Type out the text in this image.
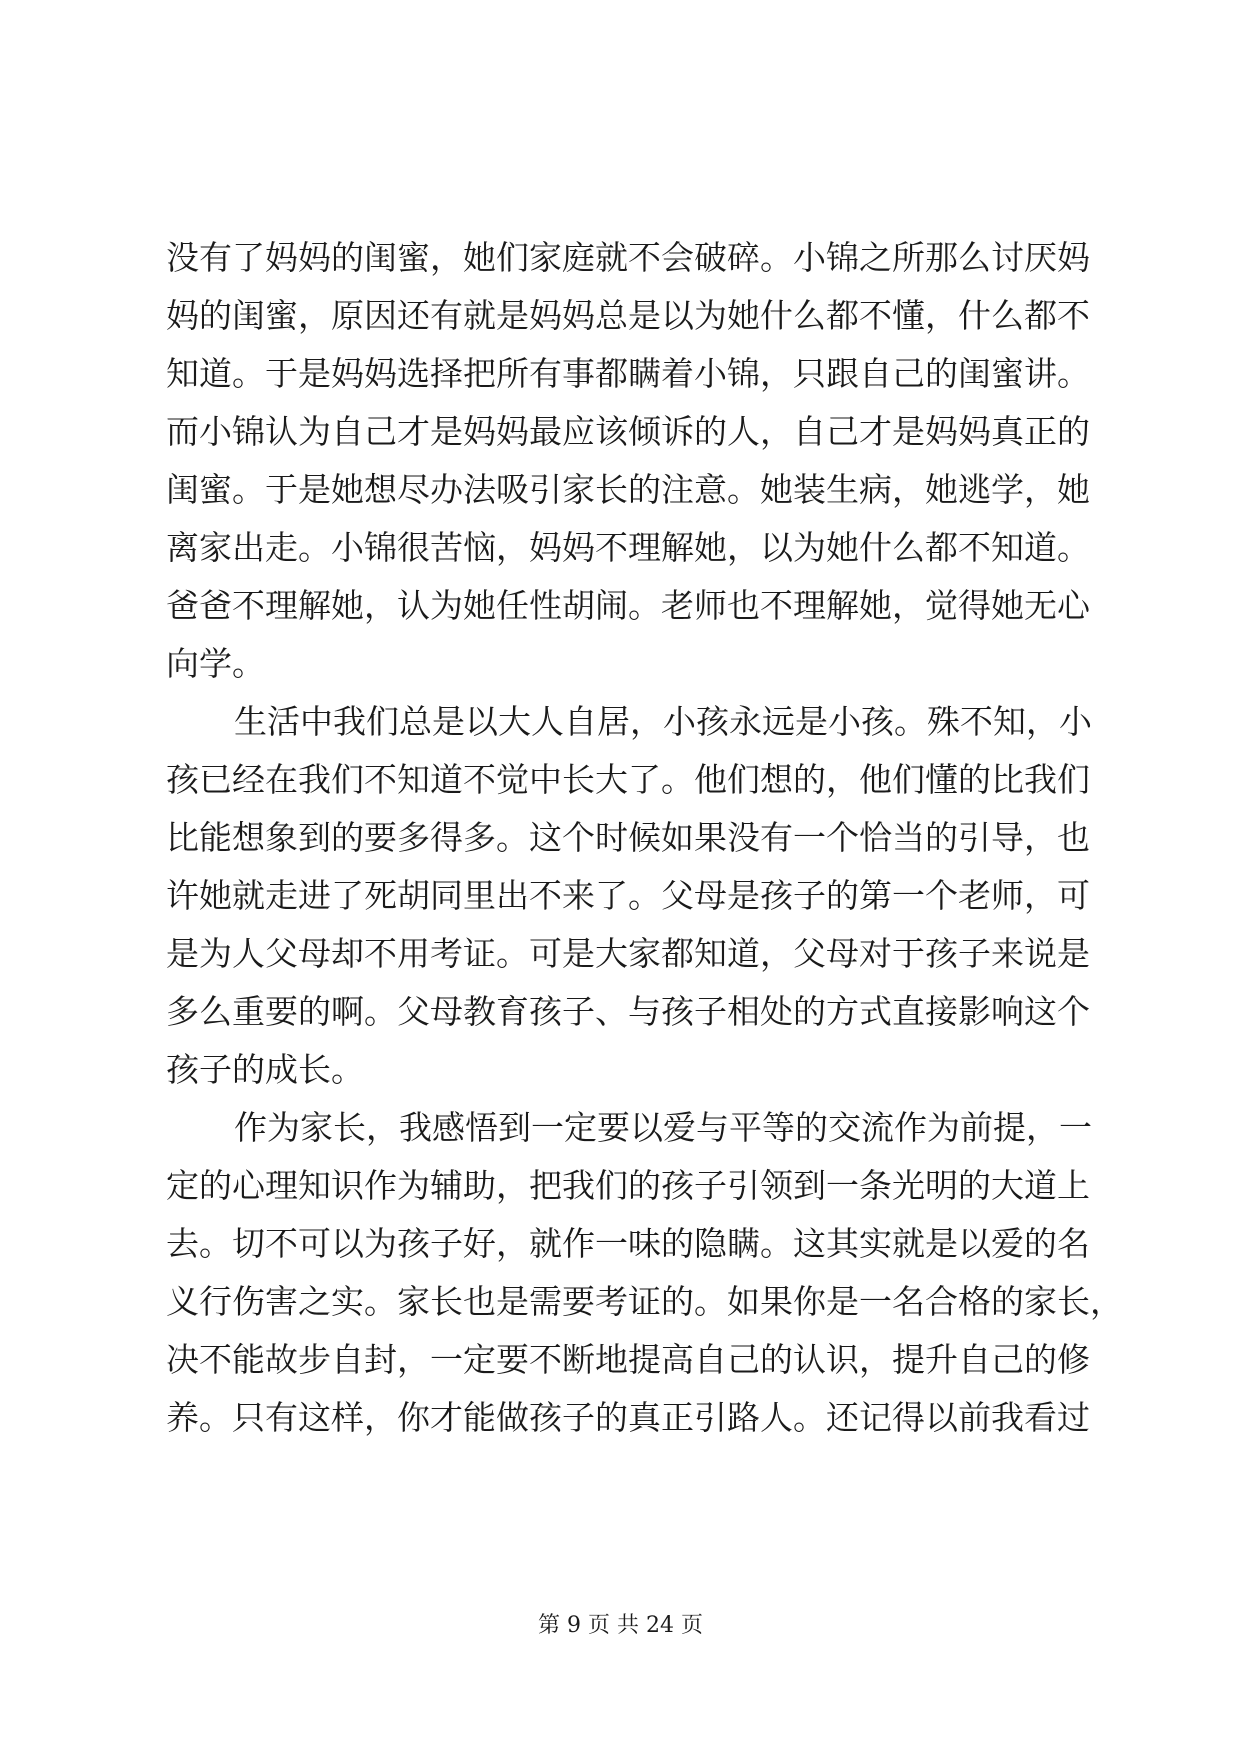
没有了妈妈的闺蜜，她们家庭就不会破碎。小锦之所那么讨厌妈
妈的闺蜜，原因还有就是妈妈总是以为她什么都不懂，什么都不
知道。于是妈妈选择把所有事都瞒着小锦，只跟自己的闺蜜讲。
而小锦认为自己才是妈妈最应该倾诉的人，自己才是妈妈真正的
闺蜜。于是她想尽办法吸引家长的注意。她装生病，她逃学，她
离家出走。小锦很苦恼，妈妈不理解她，以为她什么都不知道。
爸爸不理解她，认为她任性胡闹。老师也不理解她，觉得她无心
向学。
生活中我们总是以大人自居，小孩永远是小孩。殊不知，小
孩已经在我们不知道不觉中长大了。他们想的，他们懂的比我们
比能想象到的要多得多。这个时候如果没有一个恰当的引导，也
许她就走进了死胡同里出不来了。父母是孩子的第一个老师，可
是为人父母却不用考证。可是大家都知道，父母对于孩子来说是
多么重要的啊。父母教育孩子、与孩子相处的方式直接影响这个
孩子的成长。
作为家长，我感悟到一定要以爱与平等的交流作为前提，一
定的心理知识作为辅助，把我们的孩子引领到一条光明的大道上
去。切不可以为孩子好，就作一味的隐瞒。这其实就是以爱的名
义行伤害之实。家长也是需要考证的。如果你是一名合格的家长，
决不能故步自封，一定要不断地提高自己的认识，提升自己的修
养。只有这样，你才能做孩子的真正引路人。还记得以前我看过
第 9 页 共 24 页
